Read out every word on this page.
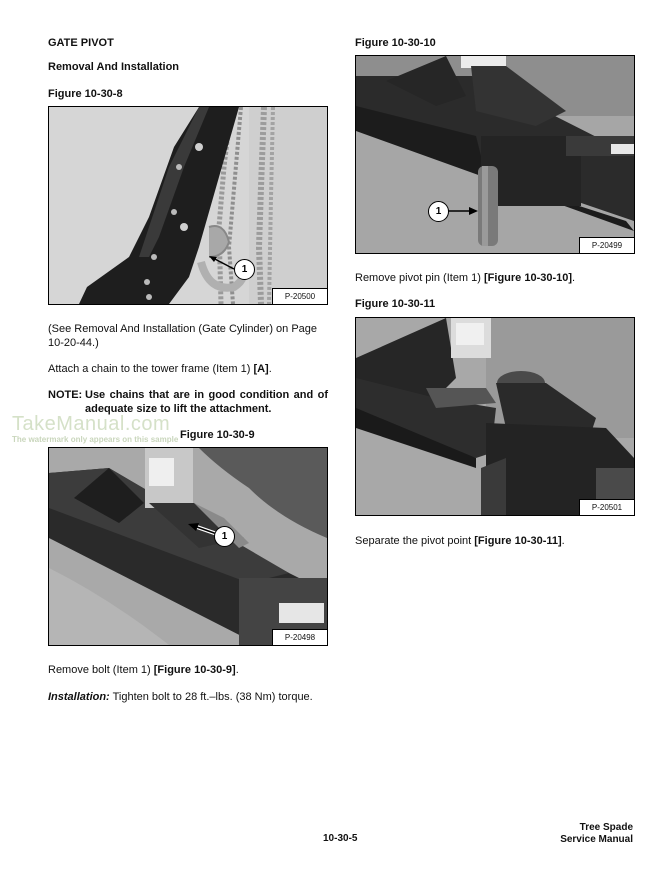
GATE PIVOT
Removal And Installation
Figure 10-30-8
1
P-20500
(See Removal And Installation (Gate Cylinder) on Page 10-20-44.)
Attach a chain to the tower frame (Item 1) [A].
NOTE: Use chains that are in good condition and of adequate size to lift the attachment.
TakeManual.com Figure 10-30-9
The watermark only appears on this sample
1
P-20498
Remove bolt (Item 1) [Figure 10-30-9].
Installation: Tighten bolt to 28 ft.–lbs. (38 Nm) torque.
Figure 10-30-10
1
P-20499
Remove pivot pin (Item 1) [Figure 10-30-10].
Figure 10-30-11
P-20501
Separate the pivot point [Figure 10-30-11].
10-30-5
Tree Spade
Service Manual
